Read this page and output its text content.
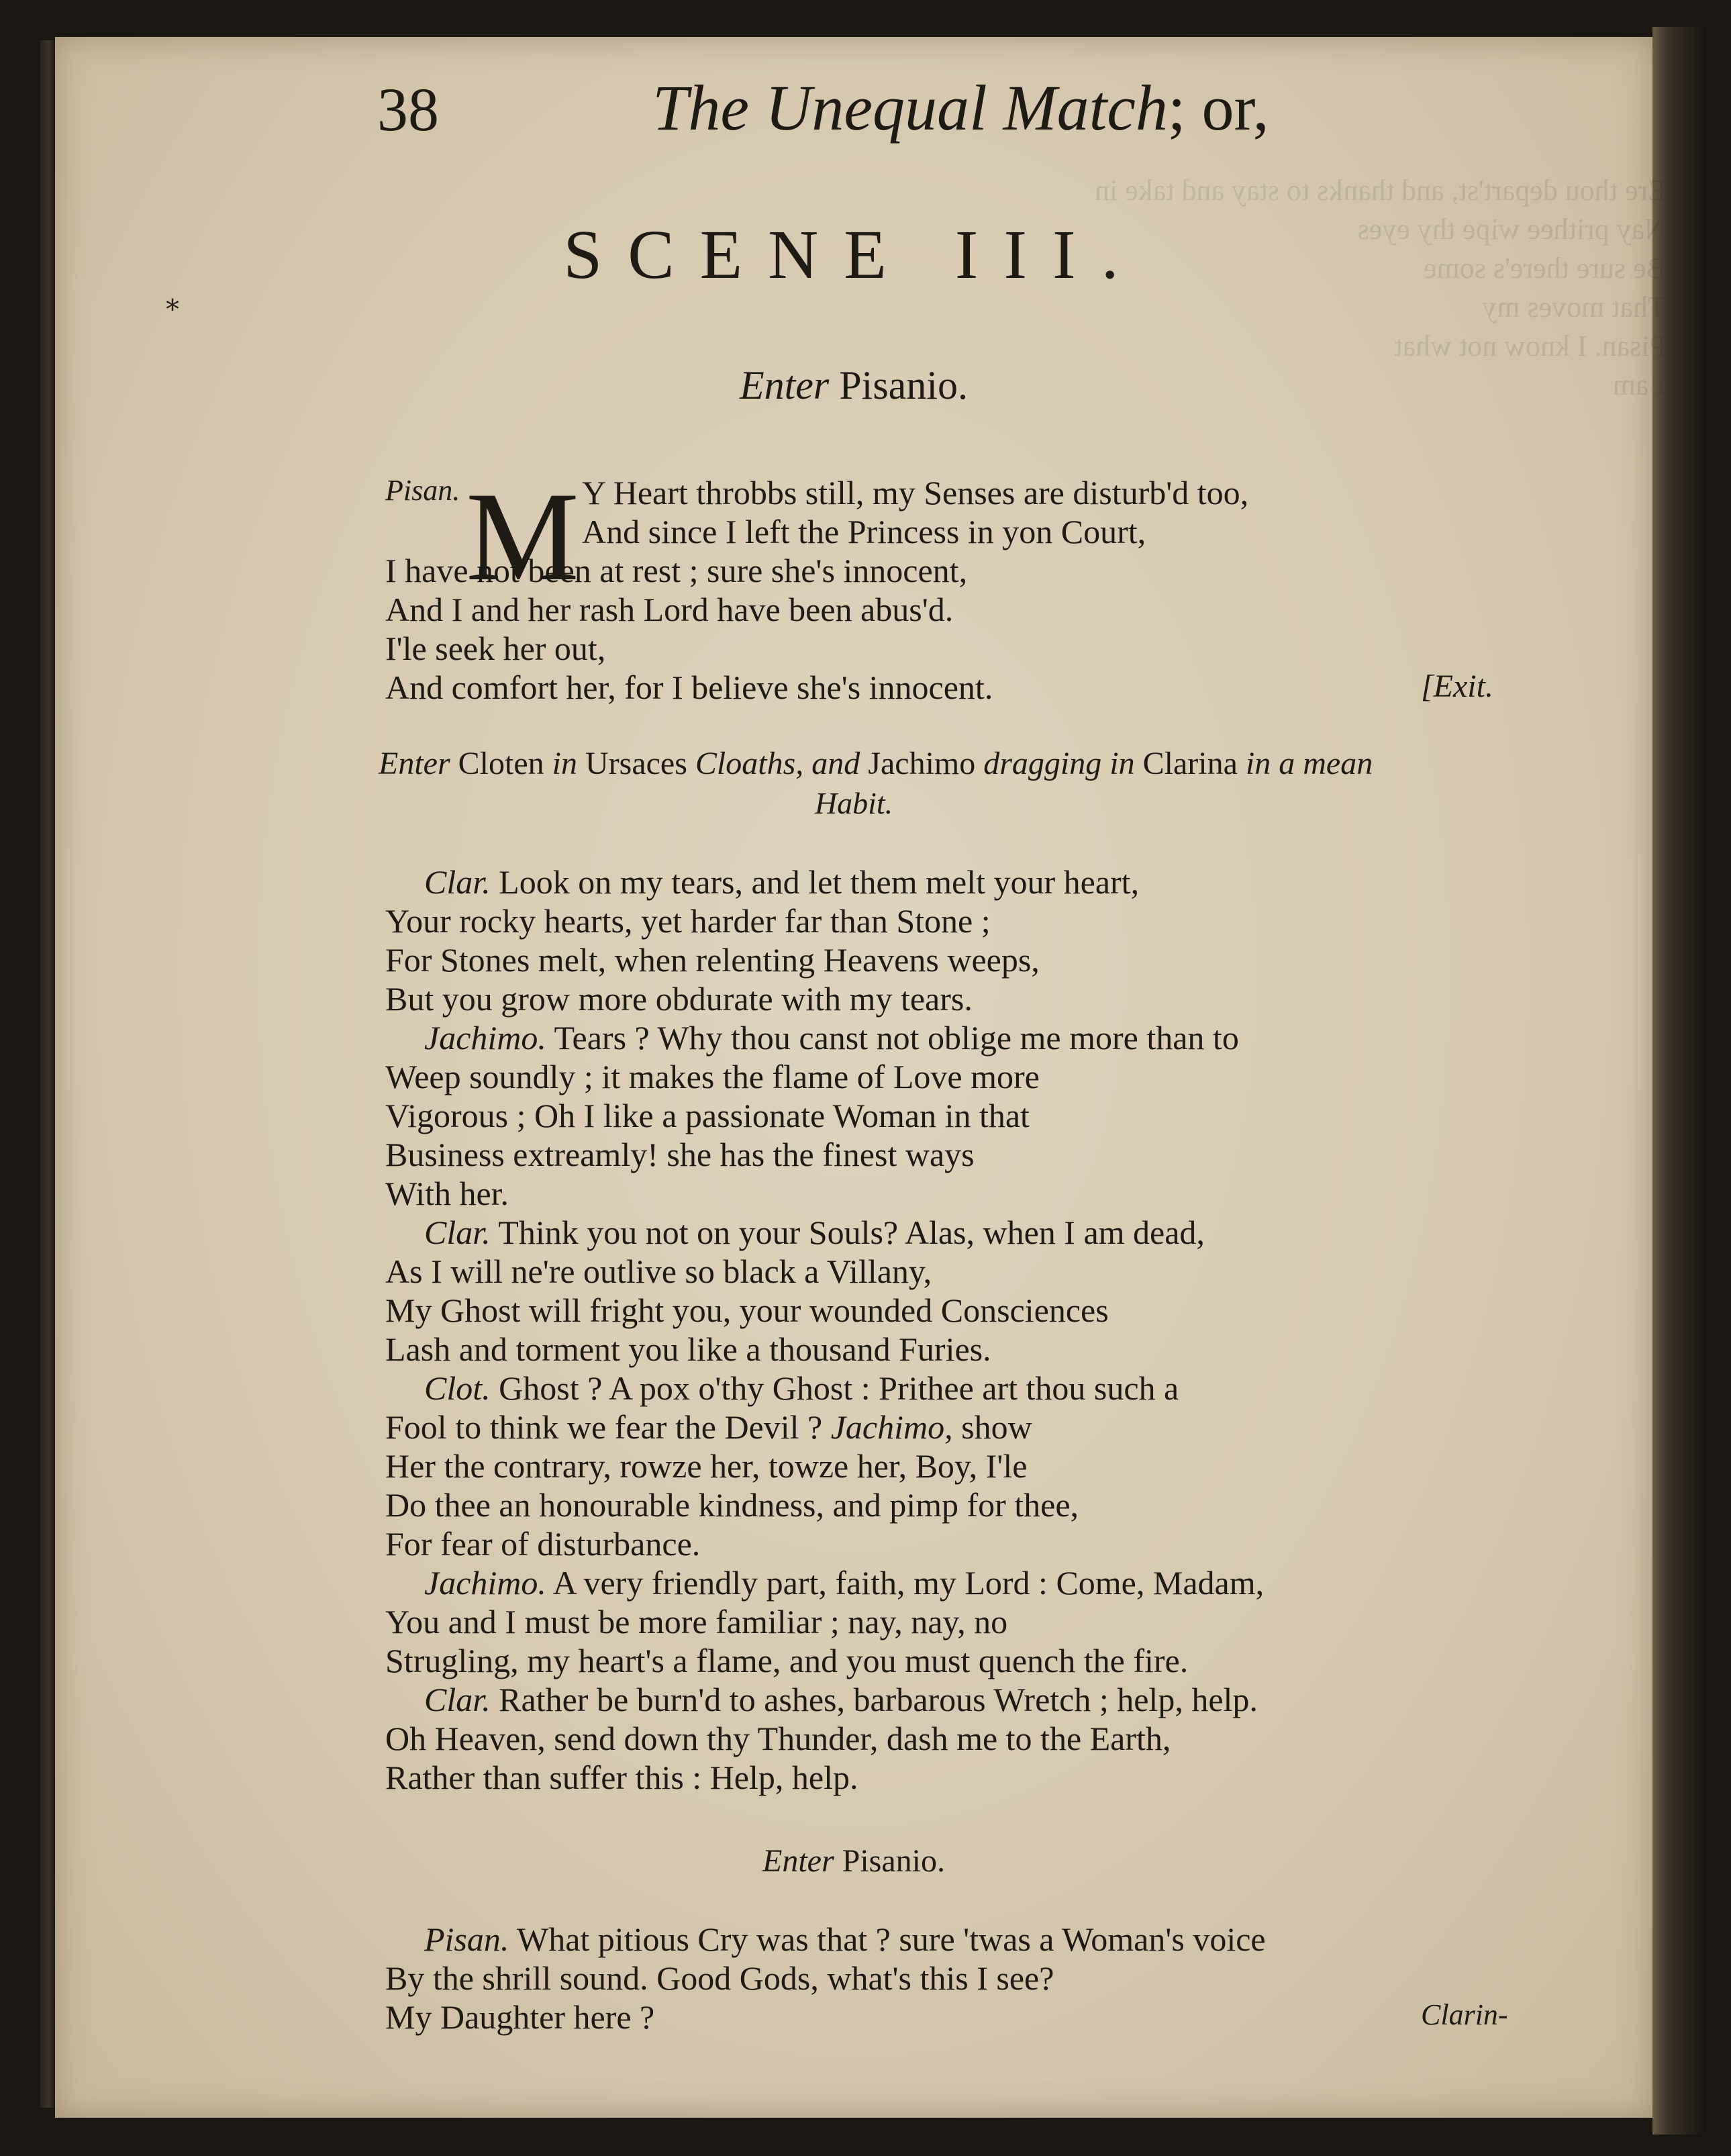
Ere thou depart'st, and thanks to stay and take in
Nay prithee wipe thy eyes
Be sure there's some
That moves my
Pisan. I know not what
I am
38	The Unequal Match; or,
SCENE III.
Enter Pisanio.
Pisan. M Y Heart throbbs still, my Senses are disturb'd too,
And since I left the Princess in yon Court,
I have not been at rest ; sure she's innocent,
And I and her rash Lord have been abus'd.
I'le seek her out,
And comfort her, for I believe she's innocent.	[Exit.
Enter Cloten in Ursaces Cloaths, and Jachimo dragging in Clarina in a mean
Habit.
Clar. Look on my tears, and let them melt your heart,
Your rocky hearts, yet harder far than Stone ;
For Stones melt, when relenting Heavens weeps,
But you grow more obdurate with my tears.
Jachimo. Tears ? Why thou canst not oblige me more than to
Weep soundly ; it makes the flame of Love more
Vigorous ; Oh I like a passionate Woman in that
Business extreamly! she has the finest ways
With her.
Clar. Think you not on your Souls? Alas, when I am dead,
As I will ne're outlive so black a Villany,
My Ghost will fright you, your wounded Consciences
Lash and torment you like a thousand Furies.
Clot. Ghost ? A pox o'thy Ghost : Prithee art thou such a
Fool to think we fear the Devil ? Jachimo, show
Her the contrary, rowze her, towze her, Boy, I'le
Do thee an honourable kindness, and pimp for thee,
For fear of disturbance.
Jachimo. A very friendly part, faith, my Lord : Come, Madam,
You and I must be more familiar ; nay, nay, no
Strugling, my heart's a flame, and you must quench the fire.
Clar. Rather be burn'd to ashes, barbarous Wretch ; help, help.
Oh Heaven, send down thy Thunder, dash me to the Earth,
Rather than suffer this : Help, help.
Enter Pisanio.
Pisan. What pitious Cry was that ? sure 'twas a Woman's voice
By the shrill sound. Good Gods, what's this I see?
My Daughter here ?	Clarin-
⁎
